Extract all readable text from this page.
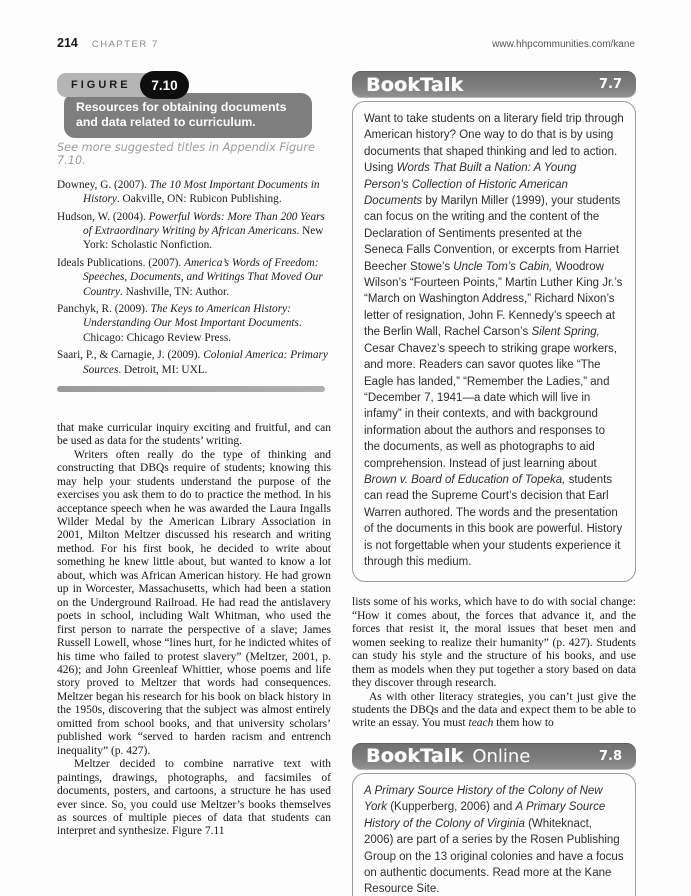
214 CHAPTER 7	www.hhpcommunities.com/kane
Resources for obtaining documents and data related to curriculum.
FIGURE 7.10
See more suggested titles in Appendix Figure 7.10.
Downey, G. (2007). The 10 Most Important Documents in History. Oakville, ON: Rubicon Publishing.
Hudson, W. (2004). Powerful Words: More Than 200 Years of Extraordinary Writing by African Americans. New York: Scholastic Nonfiction.
Ideals Publications. (2007). America’s Words of Freedom: Speeches, Documents, and Writings That Moved Our Country. Nashville, TN: Author.
Panchyk, R. (2009). The Keys to American History: Understanding Our Most Important Documents. Chicago: Chicago Review Press.
Saari, P., & Carnagie, J. (2009). Colonial America: Primary Sources. Detroit, MI: UXL.

that make curricular inquiry exciting and fruitful, and can be used as data for the students’ writing.

Writers often really do the type of thinking and constructing that DBQs require of students; knowing this may help your students understand the purpose of the exercises you ask them to do to practice the method. In his acceptance speech when he was awarded the Laura Ingalls Wilder Medal by the American Library Association in 2001, Milton Meltzer discussed his research and writing method. For his first book, he decided to write about something he knew little about, but wanted to know a lot about, which was African American history. He had grown up in Worcester, Massachusetts, which had been a station on the Underground Railroad. He had read the antislavery poets in school, including Walt Whitman, who used the first person to narrate the perspective of a slave; James Russell Lowell, whose “lines hurt, for he indicted whites of his time who failed to protest slavery” (Meltzer, 2001, p. 426); and John Greenleaf Whittier, whose poems and life story proved to Meltzer that words had consequences. Meltzer began his research for his book on black history in the 1950s, discovering that the subject was almost entirely omitted from school books, and that university scholars’ published work “served to harden racism and entrench inequality” (p. 427).

Meltzer decided to combine narrative text with paintings, drawings, photographs, and facsimiles of documents, posters, and cartoons, a structure he has used ever since. So, you could use Meltzer’s books themselves as sources of multiple pieces of data that students can interpret and synthesize. Figure 7.11

BookTalk	7.7
Want to take students on a literary field trip through American history? One way to do that is by using documents that shaped thinking and led to action. Using Words That Built a Nation: A Young Person’s Collection of Historic American Documents by Marilyn Miller (1999), your students can focus on the writing and the content of the Declaration of Sentiments presented at the Seneca Falls Convention, or excerpts from Harriet Beecher Stowe’s Uncle Tom’s Cabin, Woodrow Wilson’s “Fourteen Points,” Martin Luther King Jr.’s “March on Washington Address,” Richard Nixon’s letter of resignation, John F. Kennedy’s speech at the Berlin Wall, Rachel Carson’s Silent Spring, Cesar Chavez’s speech to striking grape workers, and more. Readers can savor quotes like “The Eagle has landed,” “Remember the Ladies,” and “December 7, 1941—a date which will live in infamy” in their contexts, and with background information about the authors and responses to the documents, as well as photographs to aid comprehension. Instead of just learning about Brown v. Board of Education of Topeka, students can read the Supreme Court’s decision that Earl Warren authored. The words and the presentation of the documents in this book are powerful. History is not forgettable when your students experience it through this medium.

lists some of his works, which have to do with social change: “How it comes about, the forces that advance it, and the forces that resist it, the moral issues that beset men and women seeking to realize their humanity” (p. 427). Students can study his style and the structure of his books, and use them as models when they put together a story based on data they discover through research.

As with other literacy strategies, you can’t just give the students the DBQs and the data and expect them to be able to write an essay. You must teach them how to

BookTalk Online	7.8
A Primary Source History of the Colony of New York (Kupperberg, 2006) and A Primary Source History of the Colony of Virginia (Whiteknact, 2006) are part of a series by the Rosen Publishing Group on the 13 original colonies and have a focus on authentic documents. Read more at the Kane Resource Site.
